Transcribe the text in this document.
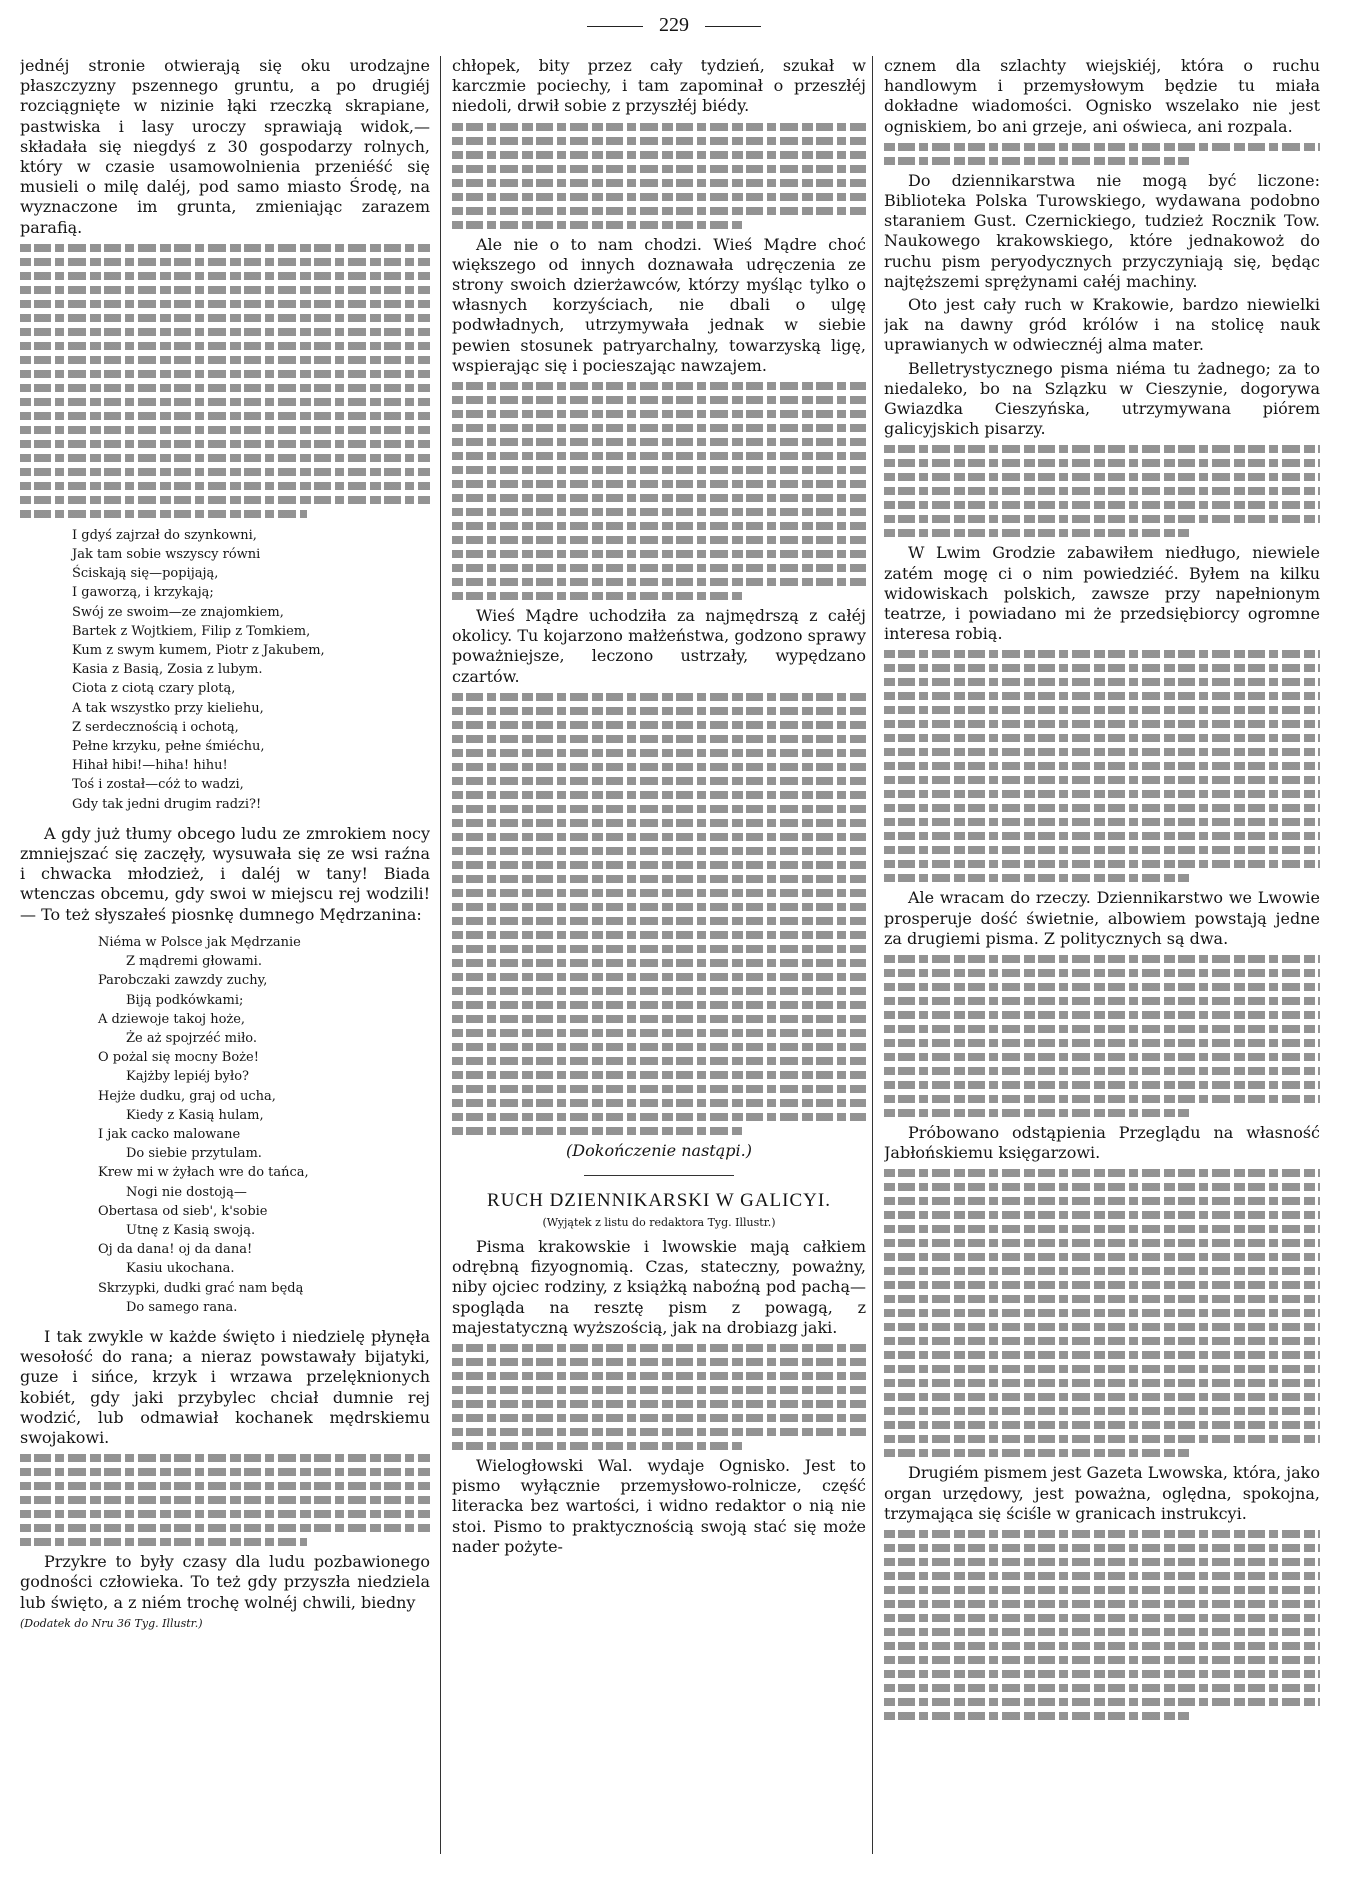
229

jednéj stronie otwierają się oku urodzajne płaszczyzny pszennego gruntu, a po drugiéj rozciągnięte w nizinie łąki rzeczką skrapiane, pastwiska i lasy uroczy sprawiają widok,— składała się niegdyś z 30 gospodarzy rolnych, który w czasie usamowolnienia przeniéść się musieli o milę daléj, pod samo miasto Środę, na wyznaczone im grunta, zmieniając zarazem parafią.

I gdyś zajrzał do szynkowni,
Jak tam sobie wszyscy równi
Ściskają się—popijają,
I gaworzą, i krzykają;
Swój ze swoim—ze znajomkiem,
Bartek z Wojtkiem, Filip z Tomkiem,
Kum z swym kumem, Piotr z Jakubem,
Kasia z Basią, Zosia z lubym.
Ciota z ciotą czary plotą,
A tak wszystko przy kieliehu,
Z serdecznością i ochotą,
Pełne krzyku, pełne śmiéchu,
Hihał hibi!—hiha! hihu!
Toś i został—cóż to wadzi,
Gdy tak jedni drugim radzi?!

A gdy już tłumy obcego ludu ze zmrokiem nocy zmniejszać się zaczęły, wysuwała się ze wsi raźna i chwacka młodzież, i daléj w tany! Biada wtenczas obcemu, gdy swoi w miejscu rej wodzili! — To też słyszałeś piosnkę dumnego Mędrzanina:

Niéma w Polsce jak Mędrzanie
Z mądremi głowami.
Parobczaki zawzdy zuchy,
Biją podkówkami;
A dziewoje takoj hoże,
Że aż spojrzéć miło.
O pożal się mocny Boże!
Kajżby lepiéj było?
Hejże dudku, graj od ucha,
Kiedy z Kasią hulam,
I jak cacko malowane
Do siebie przytulam.
Krew mi w żyłach wre do tańca,
Nogi nie dostoją—
Obertasa od sieb', k'sobie
Utnę z Kasią swoją.
Oj da dana! oj da dana!
Kasiu ukochana.
Skrzypki, dudki grać nam będą
Do samego rana.

I tak zwykle w każde święto i niedzielę płynęła wesołość do rana; a nieraz powstawały bijatyki, guze i sińce, krzyk i wrzawa przelęknionych kobiét, gdy jaki przybylec chciał dumnie rej wodzić, lub odmawiał kochanek mędrskiemu swojakowi.

Przykre to były czasy dla ludu pozbawionego godności człowieka. To też gdy przyszła niedziela lub święto, a z niém trochę wolnéj chwili, biedny

(Dodatek do Nru 36 Tyg. Illustr.)

chłopek, bity przez cały tydzień, szukał w karczmie pociechy, i tam zapominał o przeszłéj niedoli, drwił sobie z przyszłéj biédy.

Ale nie o to nam chodzi. Wieś Mądre choć większego od innych doznawała udręczenia ze strony swoich dzierżawców, którzy myśląc tylko o własnych korzyściach, nie dbali o ulgę podwładnych, utrzymywała jednak w siebie pewien stosunek patryarchalny, towarzyską ligę, wspierając się i pocieszając nawzajem.

Wieś Mądre uchodziła za najmędrszą z całéj okolicy. Tu kojarzono małżeństwa, godzono sprawy poważniejsze, leczono ustrzały, wypędzano czartów.

(Dokończenie nastąpi.)

RUCH DZIENNIKARSKI W GALICYI.
(Wyjątek z listu do redaktora Tyg. Illustr.)

Pisma krakowskie i lwowskie mają całkiem odrębną fizyognomią. Czas, stateczny, poważny, niby ojciec rodziny, z książką naboźną pod pachą—spogląda na resztę pism z powagą, z majestatyczną wyższością, jak na drobiazg jaki.

Wielogłowski Wal. wydaje Ognisko. Jest to pismo wyłącznie przemysłowo-rolnicze, część literacka bez wartości, i widno redaktor o nią nie stoi. Pismo to praktycznością swoją stać się może nader pożyte-

cznem dla szlachty wiejskiéj, która o ruchu handlowym i przemysłowym będzie tu miała dokładne wiadomości. Ognisko wszelako nie jest ogniskiem, bo ani grzeje, ani oświeca, ani rozpala.

Do dziennikarstwa nie mogą być liczone: Biblioteka Polska Turowskiego, wydawana podobno staraniem Gust. Czernickiego, tudzież Rocznik Tow. Naukowego krakowskiego, które jednakowoż do ruchu pism peryodycznych przyczyniają się, będąc najtęższemi sprężynami całéj machiny.

Oto jest cały ruch w Krakowie, bardzo niewielki jak na dawny gród królów i na stolicę nauk uprawianych w odwiecznéj alma mater.

Belletrystycznego pisma niéma tu żadnego; za to niedaleko, bo na Szlązku w Cieszynie, dogorywa Gwiazdka Cieszyńska, utrzymywana piórem galicyjskich pisarzy.

W Lwim Grodzie zabawiłem niedługo, niewiele zatém mogę ci o nim powiedziéć. Byłem na kilku widowiskach polskich, zawsze przy napełnionym teatrze, i powiadano mi że przedsiębiorcy ogromne interesa robią.

Ale wracam do rzeczy. Dziennikarstwo we Lwowie prosperuje dość świetnie, albowiem powstają jedne za drugiemi pisma. Z politycznych są dwa.

Próbowano odstąpienia Przeglądu na własność Jabłońskiemu księgarzowi.

Drugiém pismem jest Gazeta Lwowska, która, jako organ urzędowy, jest poważna, oględna, spokojna, trzymająca się ściśle w granicach instrukcyi.
